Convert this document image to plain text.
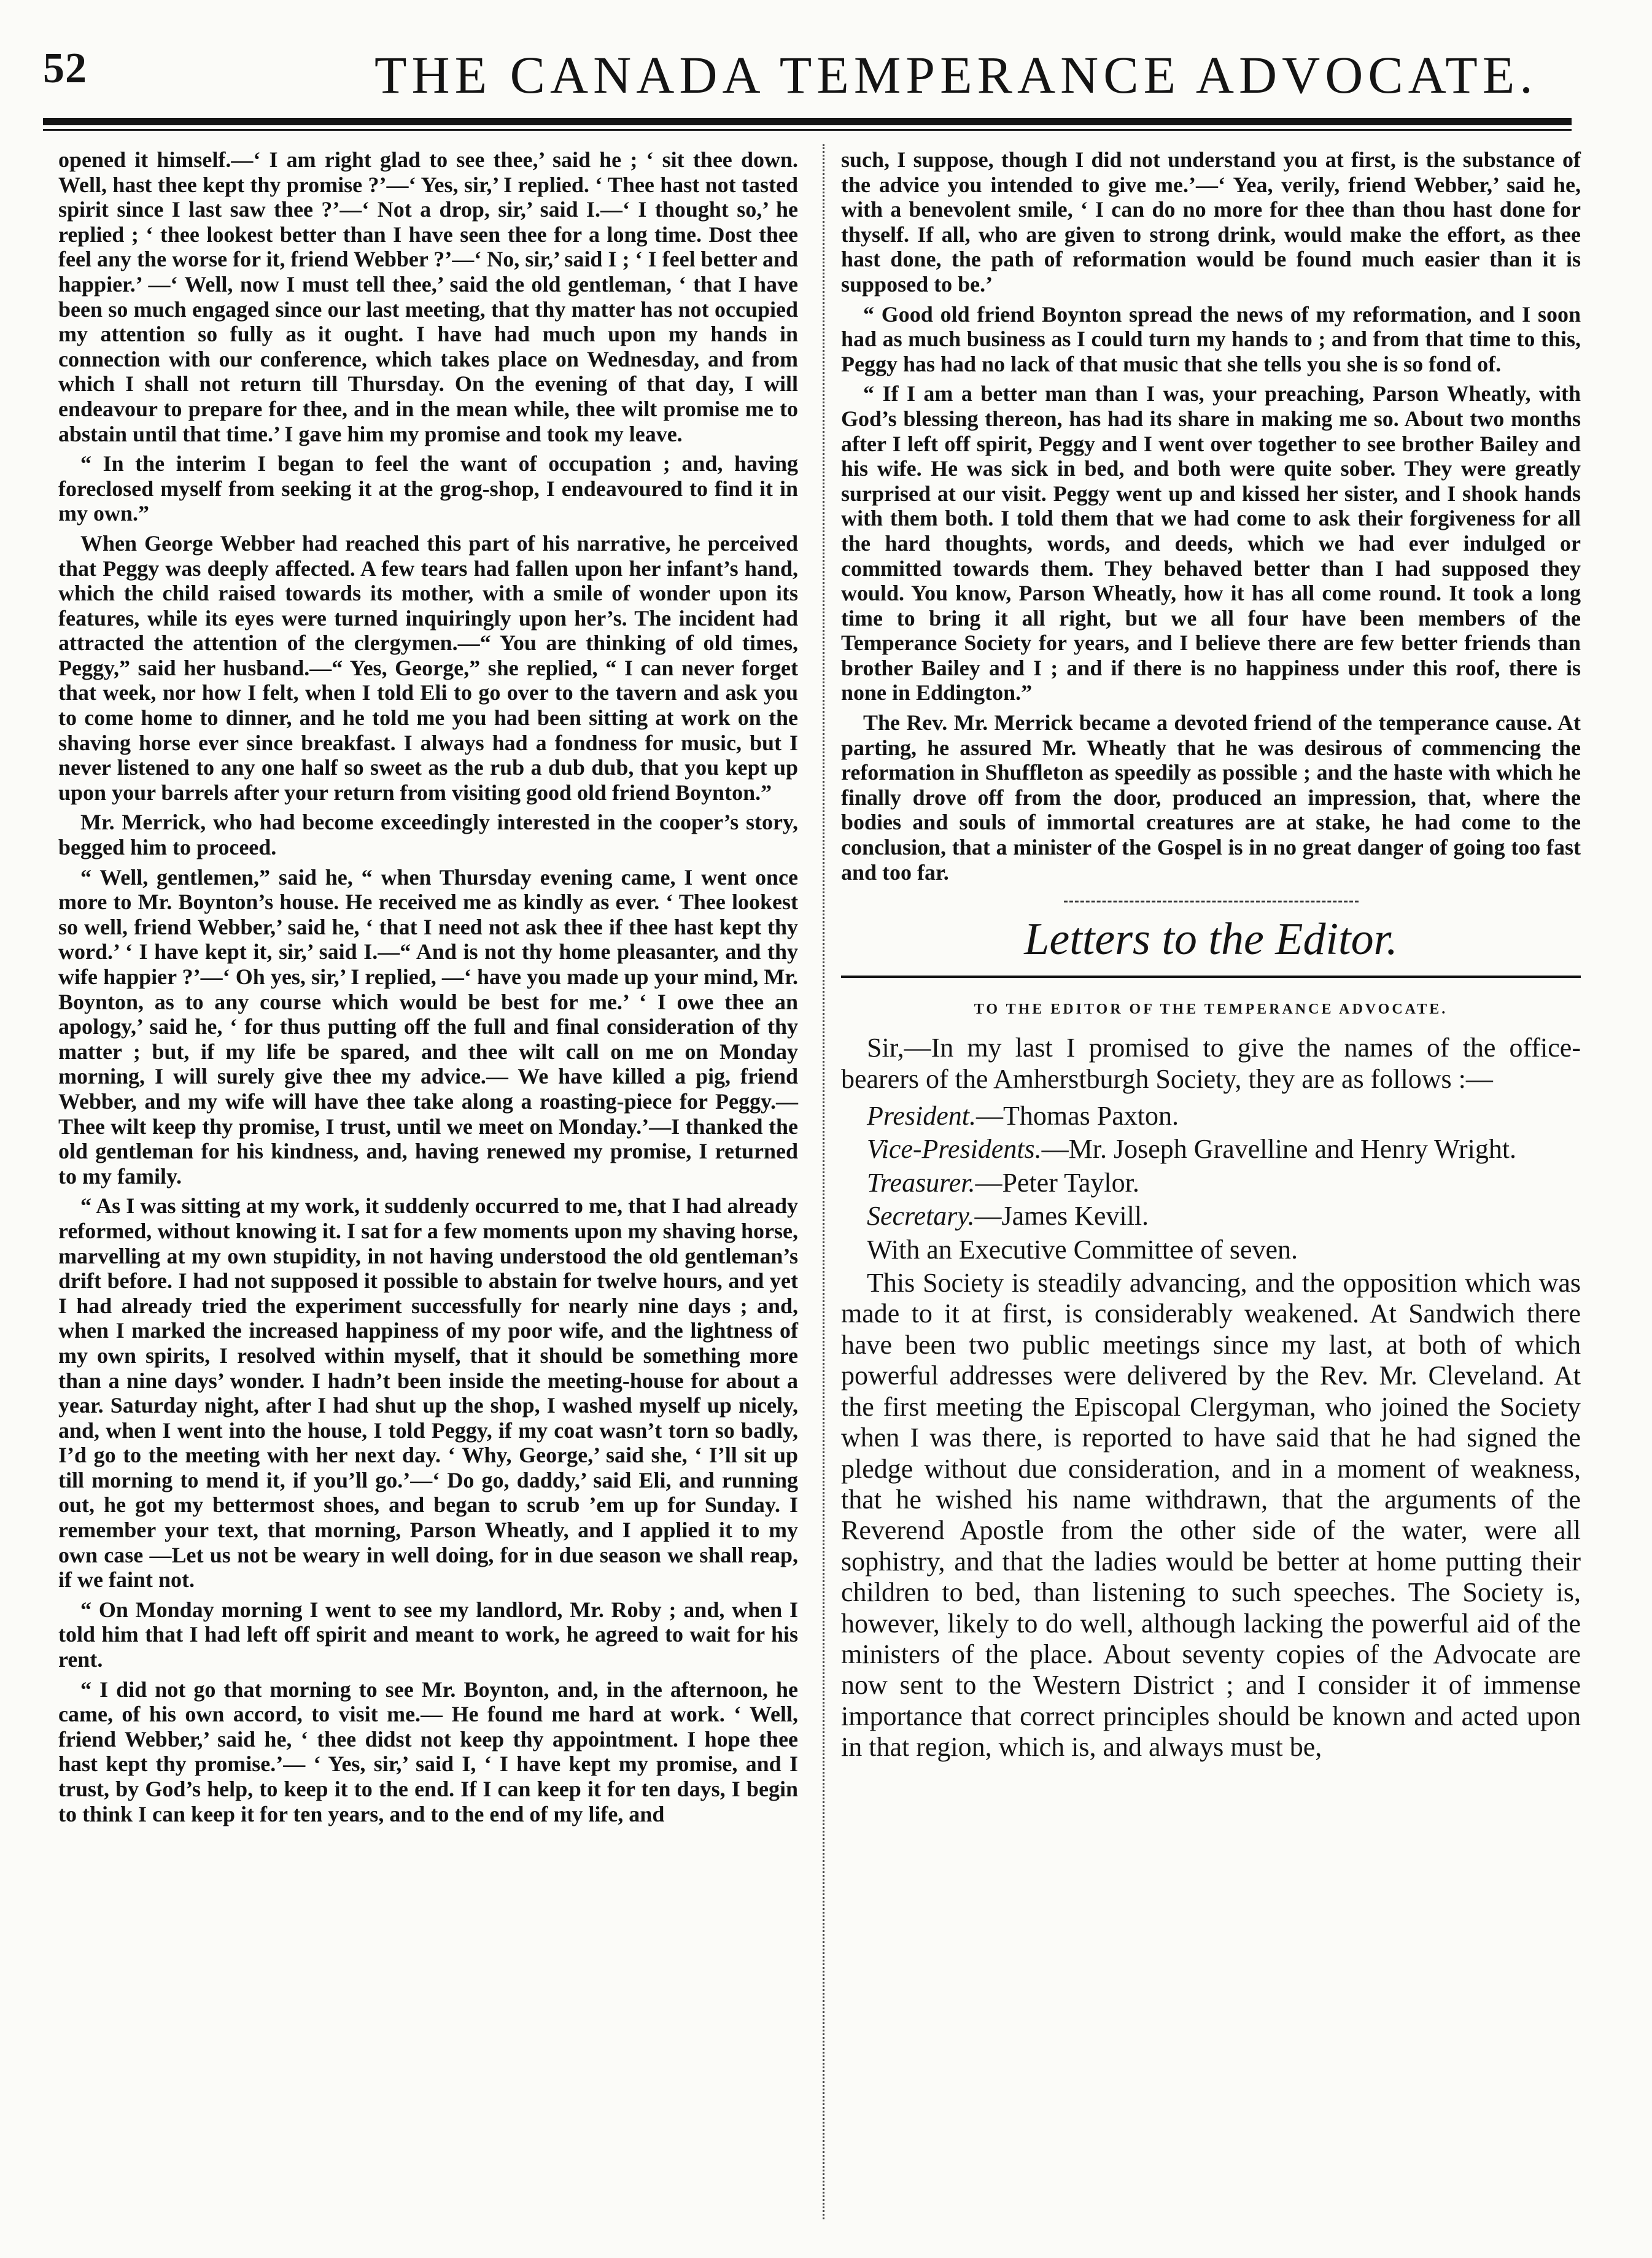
52	THE CANADA TEMPERANCE ADVOCATE.

opened it himself.—‘ I am right glad to see thee,’ said he ; ‘ sit thee down. Well, hast thee kept thy promise ?’—‘ Yes, sir,’ I replied. ‘ Thee hast not tasted spirit since I last saw thee ?’—‘ Not a drop, sir,’ said I.—‘ I thought so,’ he replied ; ‘ thee lookest better than I have seen thee for a long time. Dost thee feel any the worse for it, friend Webber ?’—‘ No, sir,’ said I ; ‘ I feel better and happier.’ —‘ Well, now I must tell thee,’ said the old gentleman, ‘ that I have been so much engaged since our last meeting, that thy matter has not occupied my attention so fully as it ought. I have had much upon my hands in connection with our conference, which takes place on Wednesday, and from which I shall not return till Thursday. On the evening of that day, I will endeavour to prepare for thee, and in the mean while, thee wilt promise me to abstain until that time.’ I gave him my promise and took my leave.

“ In the interim I began to feel the want of occupation ; and, having foreclosed myself from seeking it at the grog-shop, I endeavoured to find it in my own.”

When George Webber had reached this part of his narrative, he perceived that Peggy was deeply affected. A few tears had fallen upon her infant’s hand, which the child raised towards its mother, with a smile of wonder upon its features, while its eyes were turned inquiringly upon her’s. The incident had attracted the attention of the clergymen.—“ You are thinking of old times, Peggy,” said her husband.—“ Yes, George,” she replied, “ I can never forget that week, nor how I felt, when I told Eli to go over to the tavern and ask you to come home to dinner, and he told me you had been sitting at work on the shaving horse ever since breakfast. I always had a fondness for music, but I never listened to any one half so sweet as the rub a dub dub, that you kept up upon your barrels after your return from visiting good old friend Boynton.”

Mr. Merrick, who had become exceedingly interested in the cooper’s story, begged him to proceed.

“ Well, gentlemen,” said he, “ when Thursday evening came, I went once more to Mr. Boynton’s house. He received me as kindly as ever. ‘ Thee lookest so well, friend Webber,’ said he, ‘ that I need not ask thee if thee hast kept thy word.’ ‘ I have kept it, sir,’ said I.—“ And is not thy home pleasanter, and thy wife happier ?’—‘ Oh yes, sir,’ I replied, —‘ have you made up your mind, Mr. Boynton, as to any course which would be best for me.’ ‘ I owe thee an apology,’ said he, ‘ for thus putting off the full and final consideration of thy matter ; but, if my life be spared, and thee wilt call on me on Monday morning, I will surely give thee my advice.— We have killed a pig, friend Webber, and my wife will have thee take along a roasting-piece for Peggy.—Thee wilt keep thy promise, I trust, until we meet on Monday.’—I thanked the old gentleman for his kindness, and, having renewed my promise, I returned to my family.

“ As I was sitting at my work, it suddenly occurred to me, that I had already reformed, without knowing it. I sat for a few moments upon my shaving horse, marvelling at my own stupidity, in not having understood the old gentleman’s drift before. I had not supposed it possible to abstain for twelve hours, and yet I had already tried the experiment successfully for nearly nine days ; and, when I marked the increased happiness of my poor wife, and the lightness of my own spirits, I resolved within myself, that it should be something more than a nine days’ wonder. I hadn’t been inside the meeting-house for about a year. Saturday night, after I had shut up the shop, I washed myself up nicely, and, when I went into the house, I told Peggy, if my coat wasn’t torn so badly, I’d go to the meeting with her next day. ‘ Why, George,’ said she, ‘ I’ll sit up till morning to mend it, if you’ll go.’—‘ Do go, daddy,’ said Eli, and running out, he got my bettermost shoes, and began to scrub ’em up for Sunday. I remember your text, that morning, Parson Wheatly, and I applied it to my own case —Let us not be weary in well doing, for in due season we shall reap, if we faint not.

“ On Monday morning I went to see my landlord, Mr. Roby ; and, when I told him that I had left off spirit and meant to work, he agreed to wait for his rent.

“ I did not go that morning to see Mr. Boynton, and, in the afternoon, he came, of his own accord, to visit me.— He found me hard at work. ‘ Well, friend Webber,’ said he, ‘ thee didst not keep thy appointment. I hope thee hast kept thy promise.’— ‘ Yes, sir,’ said I, ‘ I have kept my promise, and I trust, by God’s help, to keep it to the end. If I can keep it for ten days, I begin to think I can keep it for ten years, and to the end of my life, and

such, I suppose, though I did not understand you at first, is the substance of the advice you intended to give me.’—‘ Yea, verily, friend Webber,’ said he, with a benevolent smile, ‘ I can do no more for thee than thou hast done for thyself. If all, who are given to strong drink, would make the effort, as thee hast done, the path of reformation would be found much easier than it is supposed to be.’

“ Good old friend Boynton spread the news of my reformation, and I soon had as much business as I could turn my hands to ; and from that time to this, Peggy has had no lack of that music that she tells you she is so fond of.

“ If I am a better man than I was, your preaching, Parson Wheatly, with God’s blessing thereon, has had its share in making me so. About two months after I left off spirit, Peggy and I went over together to see brother Bailey and his wife. He was sick in bed, and both were quite sober. They were greatly surprised at our visit. Peggy went up and kissed her sister, and I shook hands with them both. I told them that we had come to ask their forgiveness for all the hard thoughts, words, and deeds, which we had ever indulged or committed towards them. They behaved better than I had supposed they would. You know, Parson Wheatly, how it has all come round. It took a long time to bring it all right, but we all four have been members of the Temperance Society for years, and I believe there are few better friends than brother Bailey and I ; and if there is no happiness under this roof, there is none in Eddington.”

The Rev. Mr. Merrick became a devoted friend of the temperance cause. At parting, he assured Mr. Wheatly that he was desirous of commencing the reformation in Shuffleton as speedily as possible ; and the haste with which he finally drove off from the door, produced an impression, that, where the bodies and souls of immortal creatures are at stake, he had come to the conclusion, that a minister of the Gospel is in no great danger of going too fast and too far.

Letters to the Editor.
TO THE EDITOR OF THE TEMPERANCE ADVOCATE.

Sir,—In my last I promised to give the names of the office-bearers of the Amherstburgh Society, they are as follows :—

President.—Thomas Paxton.

Vice-Presidents.—Mr. Joseph Gravelline and Henry Wright.

Treasurer.—Peter Taylor.

Secretary.—James Kevill.

With an Executive Committee of seven.

This Society is steadily advancing, and the opposition which was made to it at first, is considerably weakened. At Sandwich there have been two public meetings since my last, at both of which powerful addresses were delivered by the Rev. Mr. Cleveland. At the first meeting the Episcopal Clergyman, who joined the Society when I was there, is reported to have said that he had signed the pledge without due consideration, and in a moment of weakness, that he wished his name withdrawn, that the arguments of the Reverend Apostle from the other side of the water, were all sophistry, and that the ladies would be better at home putting their children to bed, than listening to such speeches. The Society is, however, likely to do well, although lacking the powerful aid of the ministers of the place. About seventy copies of the Advocate are now sent to the Western District ; and I consider it of immense importance that correct principles should be known and acted upon in that region, which is, and always must be,
